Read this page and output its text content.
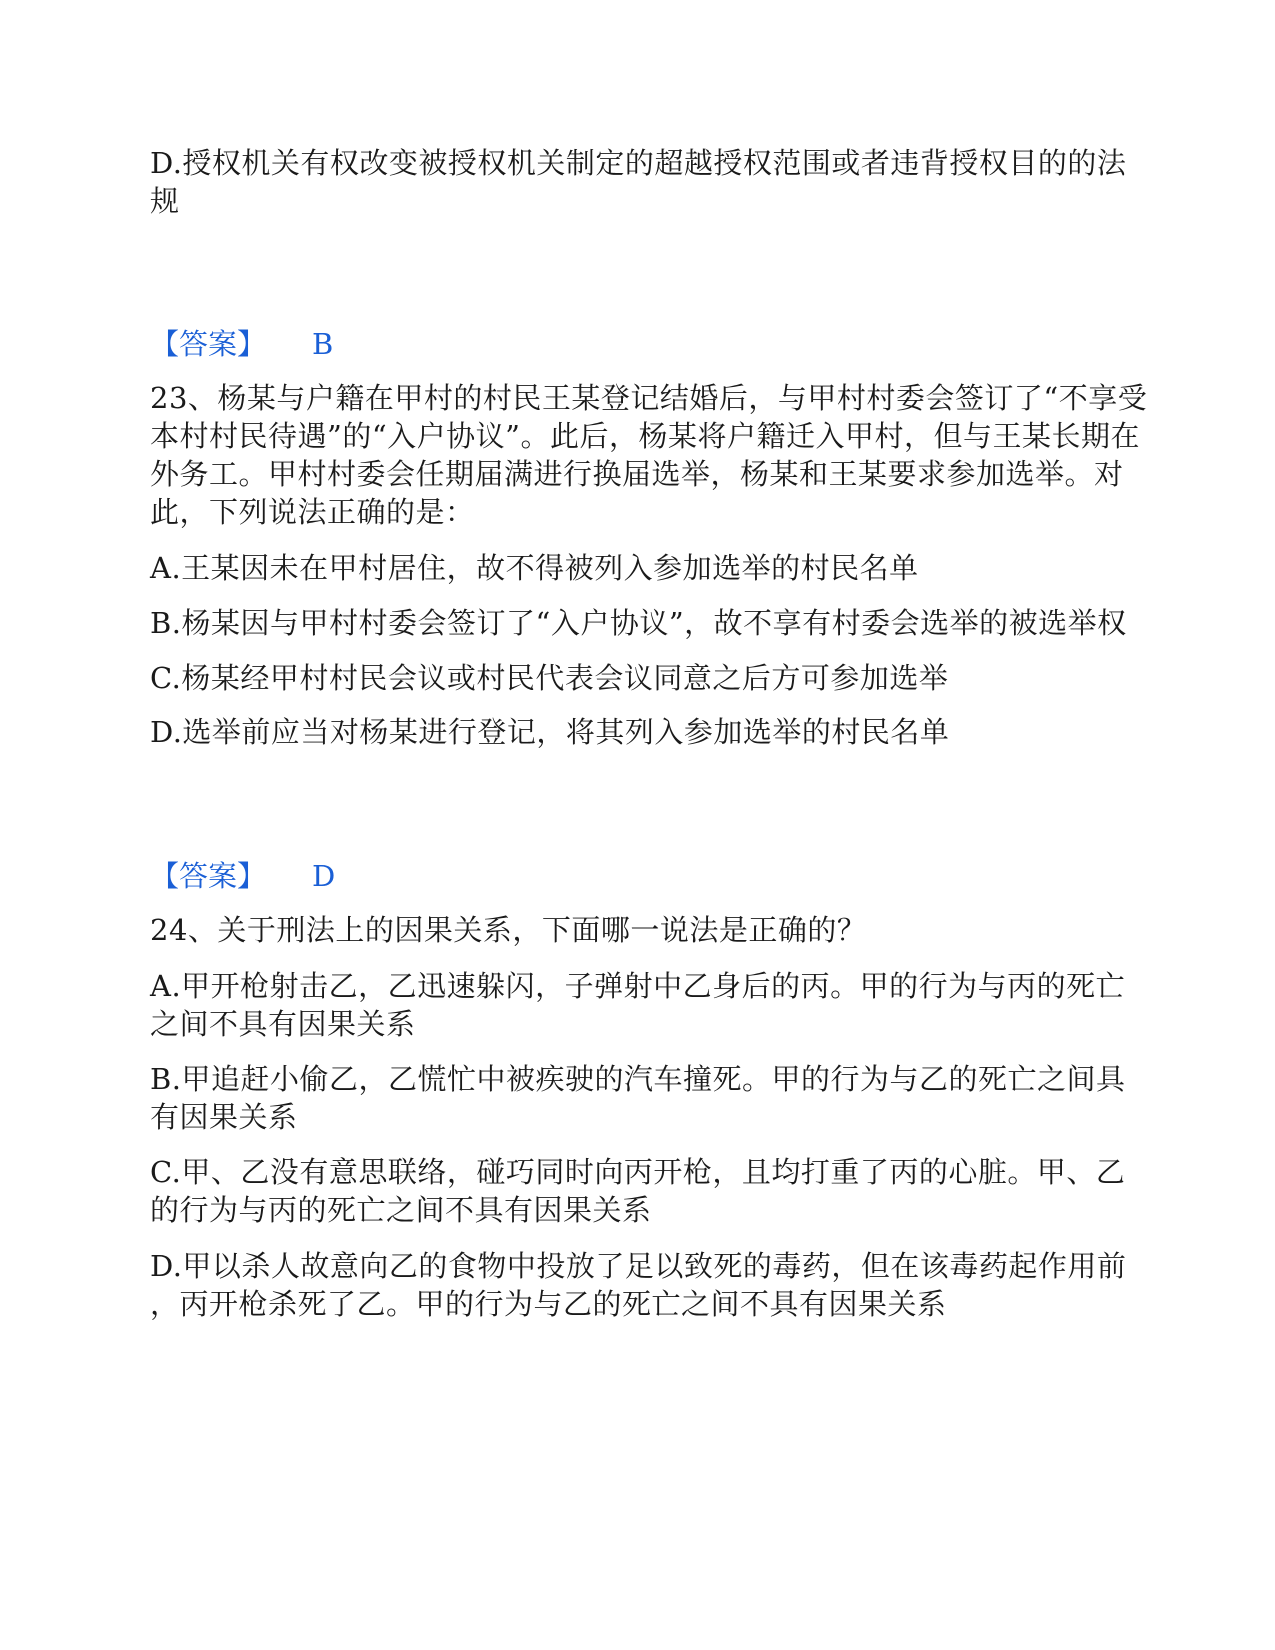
D.授权机关有权改变被授权机关制定的超越授权范围或者违背授权目的的法
规
【答案】 B
23、杨某与户籍在甲村的村民王某登记结婚后，与甲村村委会签订了“不享受
本村村民待遇”的“入户协议”。此后，杨某将户籍迁入甲村，但与王某长期在
外务工。甲村村委会任期届满进行换届选举，杨某和王某要求参加选举。对
此，下列说法正确的是：
A.王某因未在甲村居住，故不得被列入参加选举的村民名单
B.杨某因与甲村村委会签订了“入户协议”，故不享有村委会选举的被选举权
C.杨某经甲村村民会议或村民代表会议同意之后方可参加选举
D.选举前应当对杨某进行登记，将其列入参加选举的村民名单
【答案】 D
24、关于刑法上的因果关系，下面哪一说法是正确的？
A.甲开枪射击乙，乙迅速躲闪，子弹射中乙身后的丙。甲的行为与丙的死亡
之间不具有因果关系
B.甲追赶小偷乙，乙慌忙中被疾驶的汽车撞死。甲的行为与乙的死亡之间具
有因果关系
C.甲、乙没有意思联络，碰巧同时向丙开枪，且均打重了丙的心脏。甲、乙
的行为与丙的死亡之间不具有因果关系
D.甲以杀人故意向乙的食物中投放了足以致死的毒药，但在该毒药起作用前
，丙开枪杀死了乙。甲的行为与乙的死亡之间不具有因果关系
